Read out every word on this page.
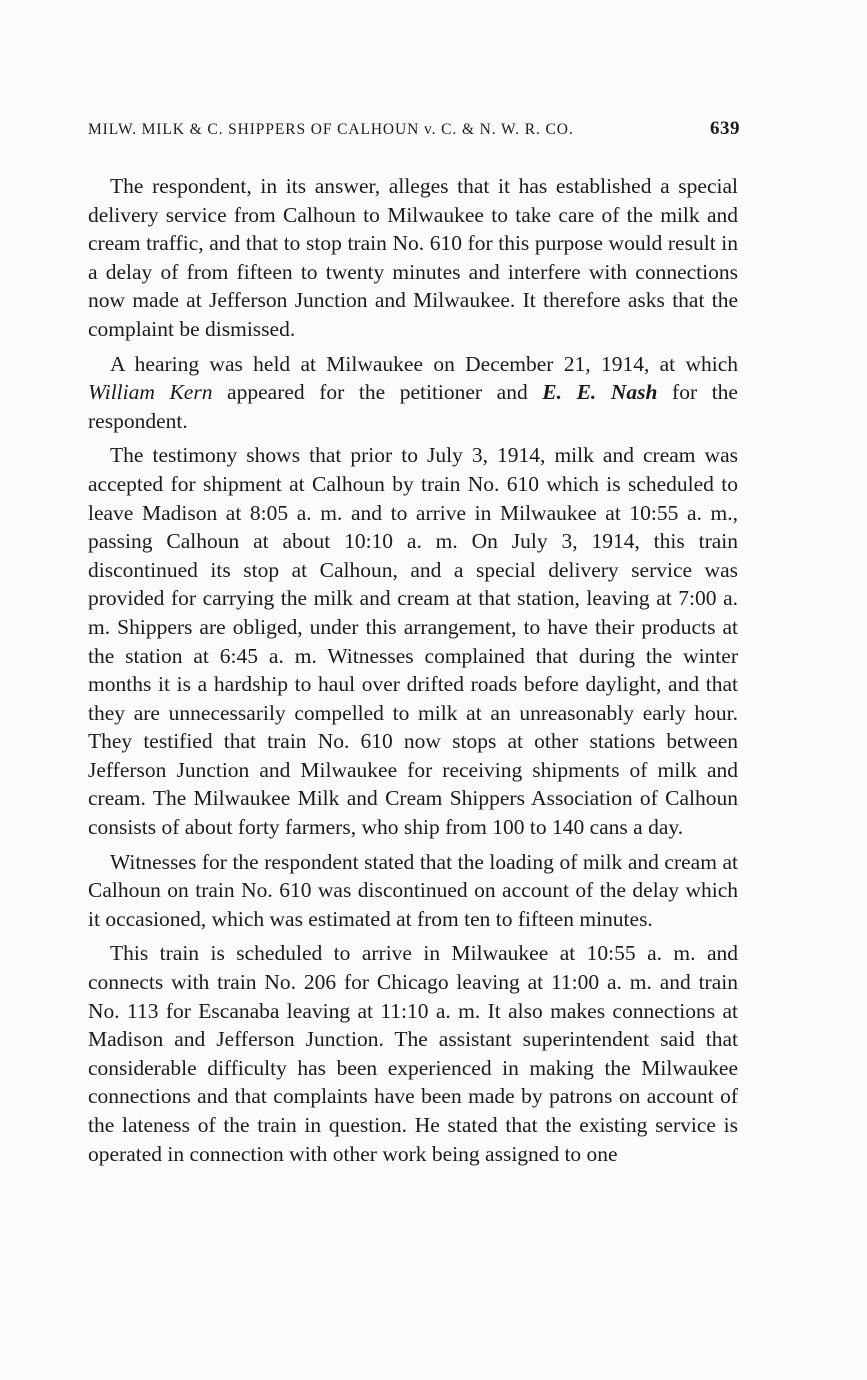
MILW. MILK & C. SHIPPERS OF CALHOUN v. C. & N. W. R. CO.	639

The respondent, in its answer, alleges that it has established a special delivery service from Calhoun to Milwaukee to take care of the milk and cream traffic, and that to stop train No. 610 for this purpose would result in a delay of from fifteen to twenty minutes and interfere with connections now made at Jefferson Junction and Milwaukee. It therefore asks that the complaint be dismissed.

A hearing was held at Milwaukee on December 21, 1914, at which William Kern appeared for the petitioner and E. E. Nash for the respondent.

The testimony shows that prior to July 3, 1914, milk and cream was accepted for shipment at Calhoun by train No. 610 which is scheduled to leave Madison at 8:05 a. m. and to arrive in Milwaukee at 10:55 a. m., passing Calhoun at about 10:10 a. m. On July 3, 1914, this train discontinued its stop at Calhoun, and a special delivery service was provided for carrying the milk and cream at that station, leaving at 7:00 a. m. Shippers are obliged, under this arrangement, to have their products at the station at 6:45 a. m. Witnesses complained that during the winter months it is a hardship to haul over drifted roads before daylight, and that they are unnecessarily compelled to milk at an unreasonably early hour. They testified that train No. 610 now stops at other stations between Jefferson Junction and Milwaukee for receiving shipments of milk and cream. The Milwaukee Milk and Cream Shippers Association of Calhoun consists of about forty farmers, who ship from 100 to 140 cans a day.

Witnesses for the respondent stated that the loading of milk and cream at Calhoun on train No. 610 was discontinued on account of the delay which it occasioned, which was estimated at from ten to fifteen minutes.

This train is scheduled to arrive in Milwaukee at 10:55 a. m. and connects with train No. 206 for Chicago leaving at 11:00 a. m. and train No. 113 for Escanaba leaving at 11:10 a. m. It also makes connections at Madison and Jefferson Junction. The assistant superintendent said that considerable difficulty has been experienced in making the Milwaukee connections and that complaints have been made by patrons on account of the lateness of the train in question. He stated that the existing service is operated in connection with other work being assigned to one
